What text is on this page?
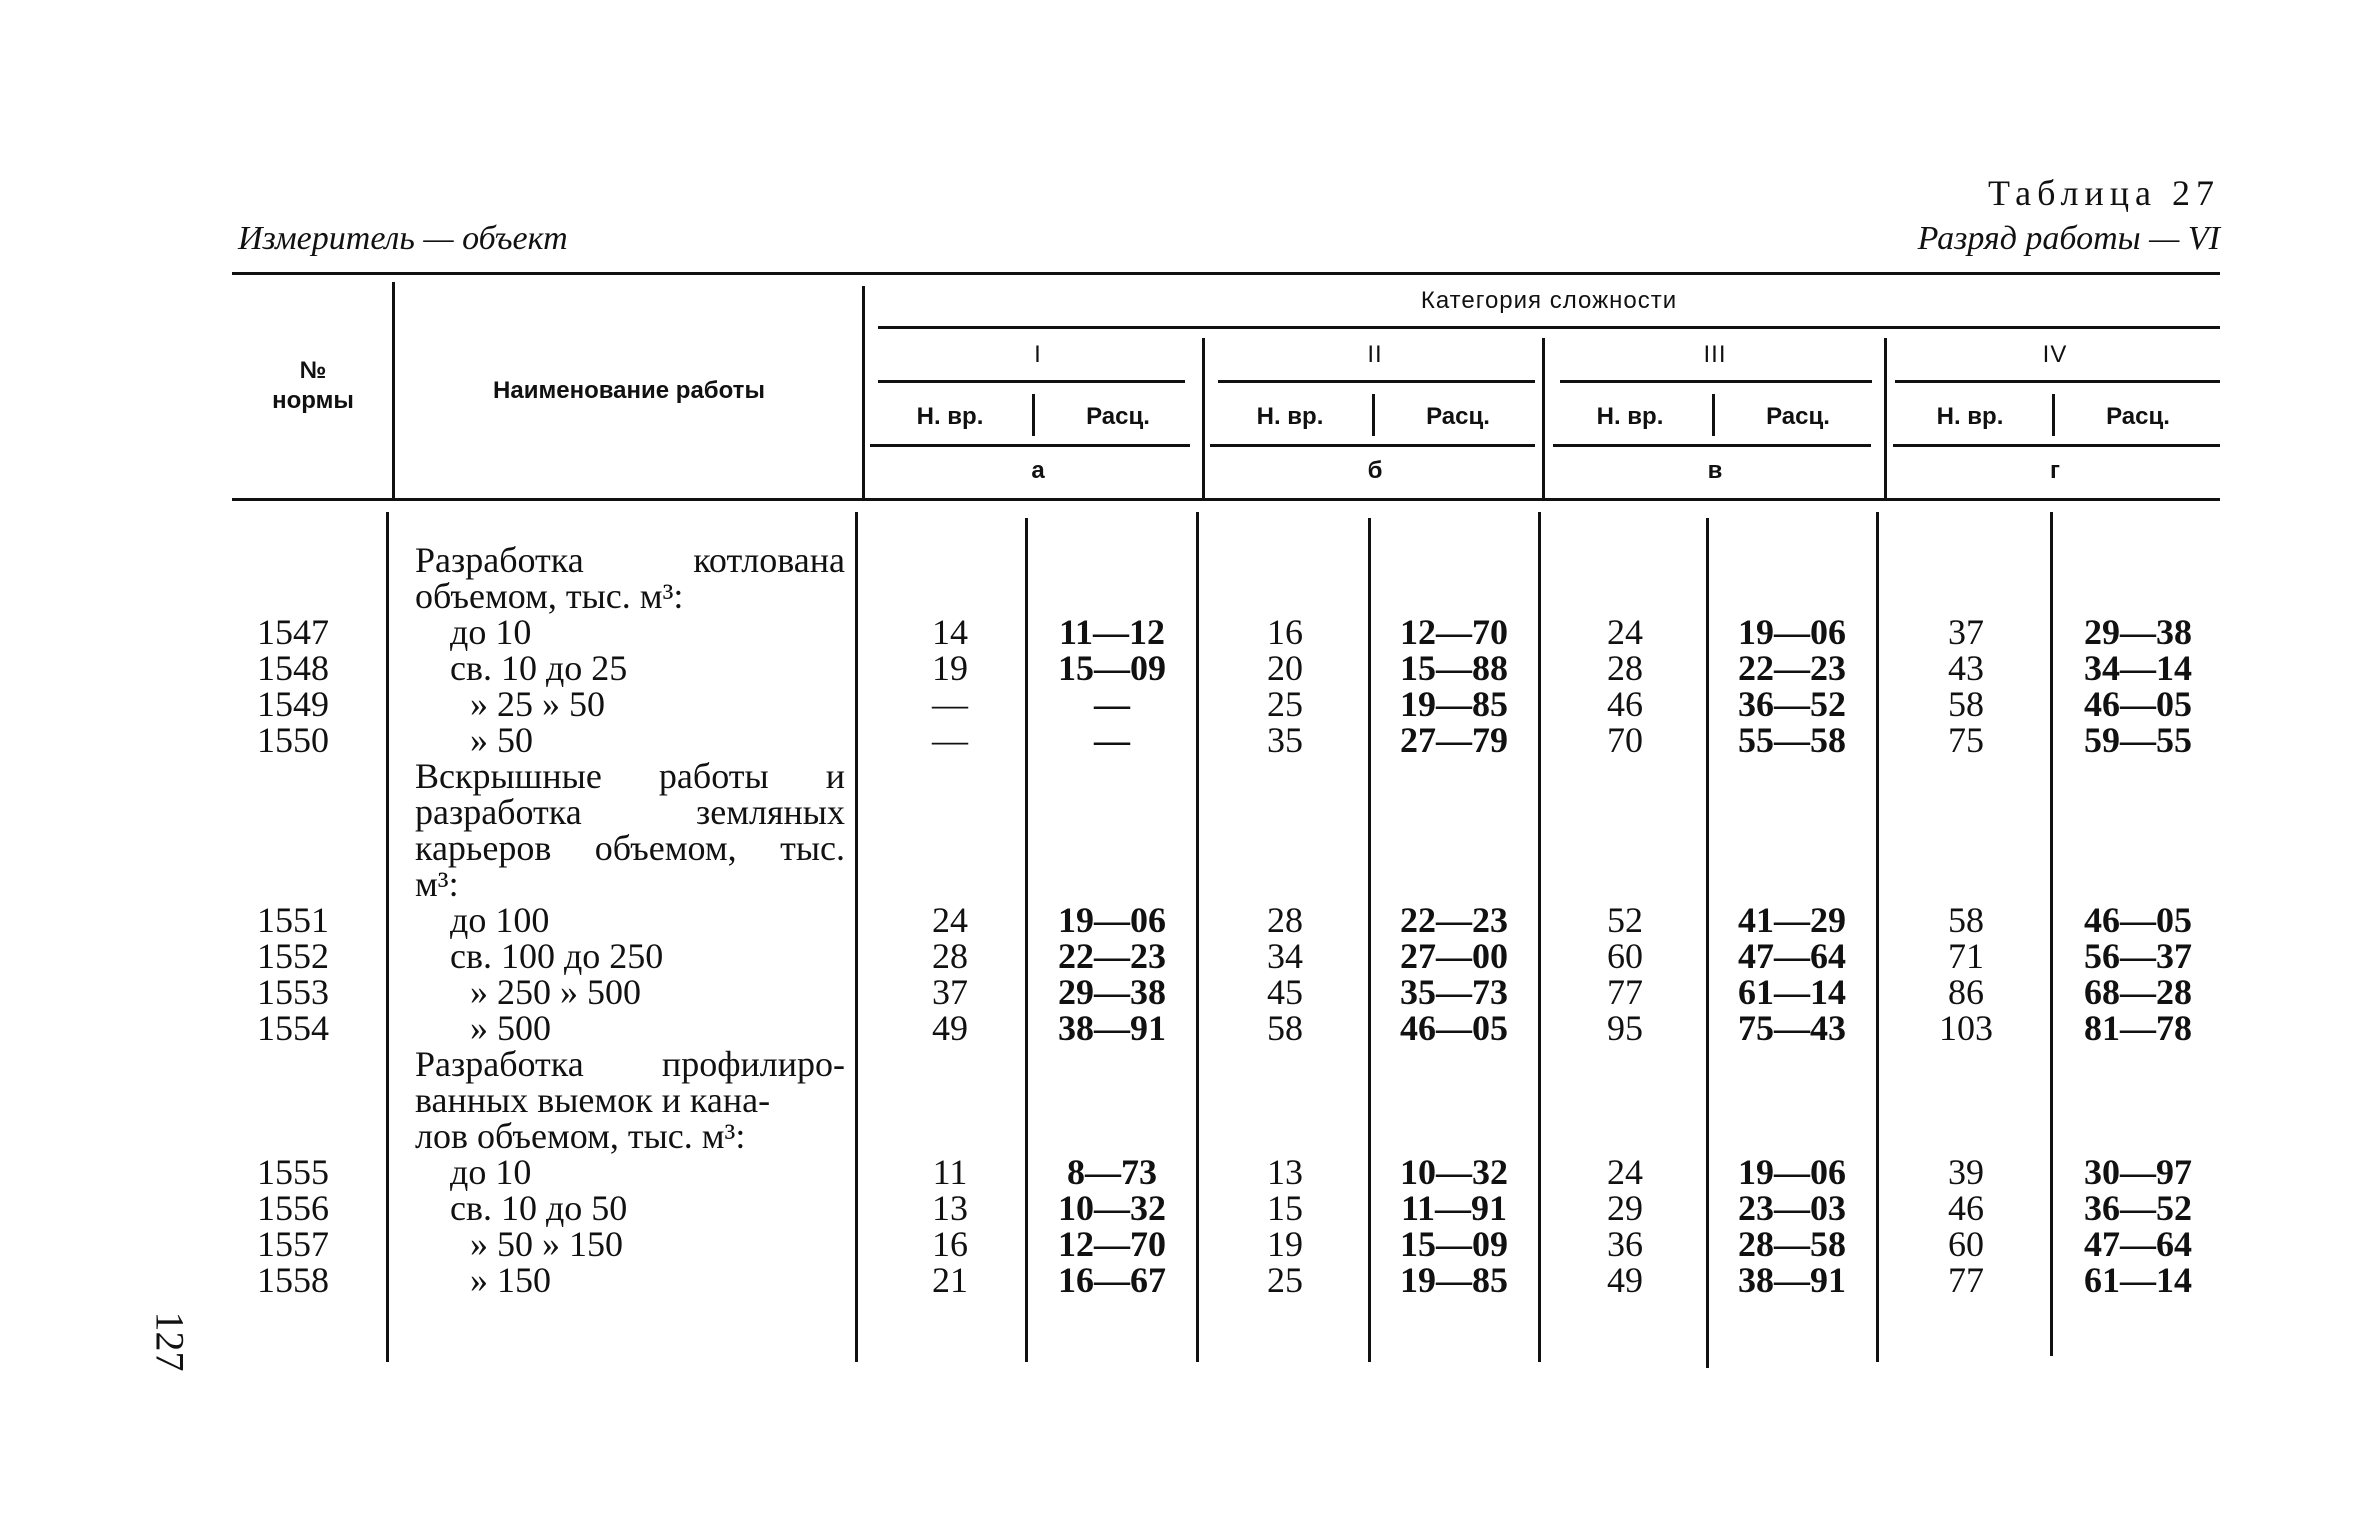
Таблица 27
Измеритель — объект	Разряд работы — VI
№
нормы	Наименование работы
Категория сложности
I	II	III	IV
Н. вр.	Расц.	Н. вр.	Расц.	Н. вр.	Расц.	Н. вр.	Расц.
а	б	в	г
Разработка	котлована
объемом, тыс. м³:
Вскрышные работы и
разработка	земляных
карьеров объемом, тыс.
м³:
Разработка профилиро-
ванных выемок и кана-
лов объемом, тыс. м³:
1547	до 10	14	11—12	16	12—70	24	19—06	37	29—38
1548	св. 10 до 25	19	15—09	20	15—88	28	22—23	43	34—14
1549	» 25 » 50	—	—	25	19—85	46	36—52	58	46—05
1550	» 50	—	—	35	27—79	70	55—58	75	59—55
1551	до 100	24	19—06	28	22—23	52	41—29	58	46—05
1552	св. 100 до 250	28	22—23	34	27—00	60	47—64	71	56—37
1553	» 250 » 500	37	29—38	45	35—73	77	61—14	86	68—28
1554	» 500	49	38—91	58	46—05	95	75—43	103	81—78
1555	до 10	11	8—73	13	10—32	24	19—06	39	30—97
1556	св. 10 до 50	13	10—32	15	11—91	29	23—03	46	36—52
1557	» 50 » 150	16	12—70	19	15—09	36	28—58	60	47—64
1558	» 150	21	16—67	25	19—85	49	38—91	77	61—14
127
